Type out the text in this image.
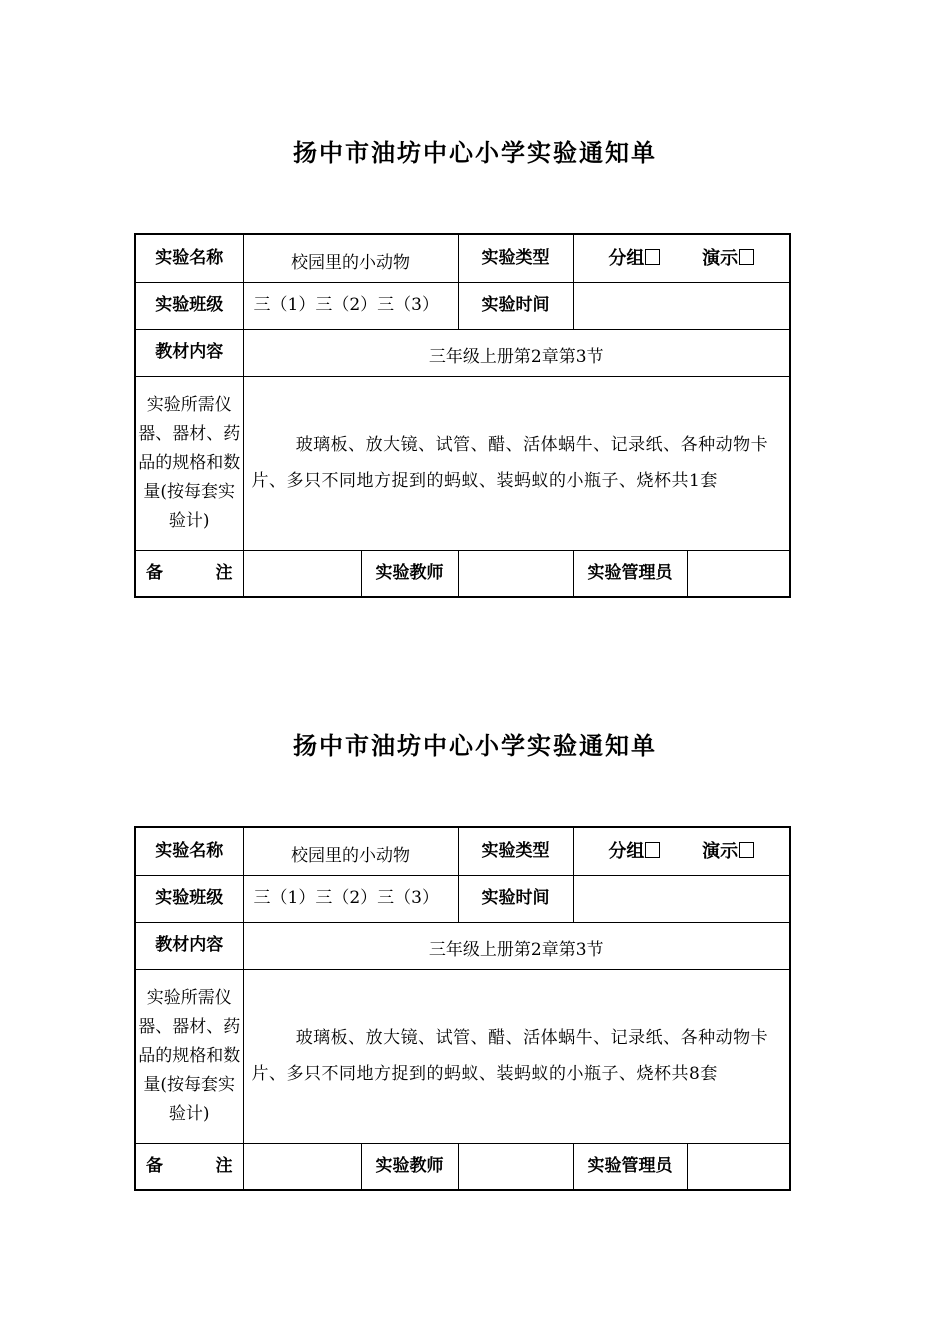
扬中市油坊中心小学实验通知单
实验名称	校园里的小动物		实验类型	分组 演示	

实验班级	三（1）三（2）三（3）		实验时间		
教材内容	三年级上册第2章第3节				
实验所需仪器、器材、药品的规格和数量(按每套实验计)	玻璃板、放大镜、试管、醋、活体蜗牛、记录纸、各种动物卡片、多只不同地方捉到的蚂蚁、装蚂蚁的小瓶子、烧杯共1套				

备 注		实验教师		实验管理员	
扬中市油坊中心小学实验通知单
实验名称	校园里的小动物		实验类型	分组 演示	

实验班级	三（1）三（2）三（3）		实验时间		
教材内容	三年级上册第2章第3节				
实验所需仪器、器材、药品的规格和数量(按每套实验计)	玻璃板、放大镜、试管、醋、活体蜗牛、记录纸、各种动物卡片、多只不同地方捉到的蚂蚁、装蚂蚁的小瓶子、烧杯共8套				

备 注		实验教师		实验管理员	
